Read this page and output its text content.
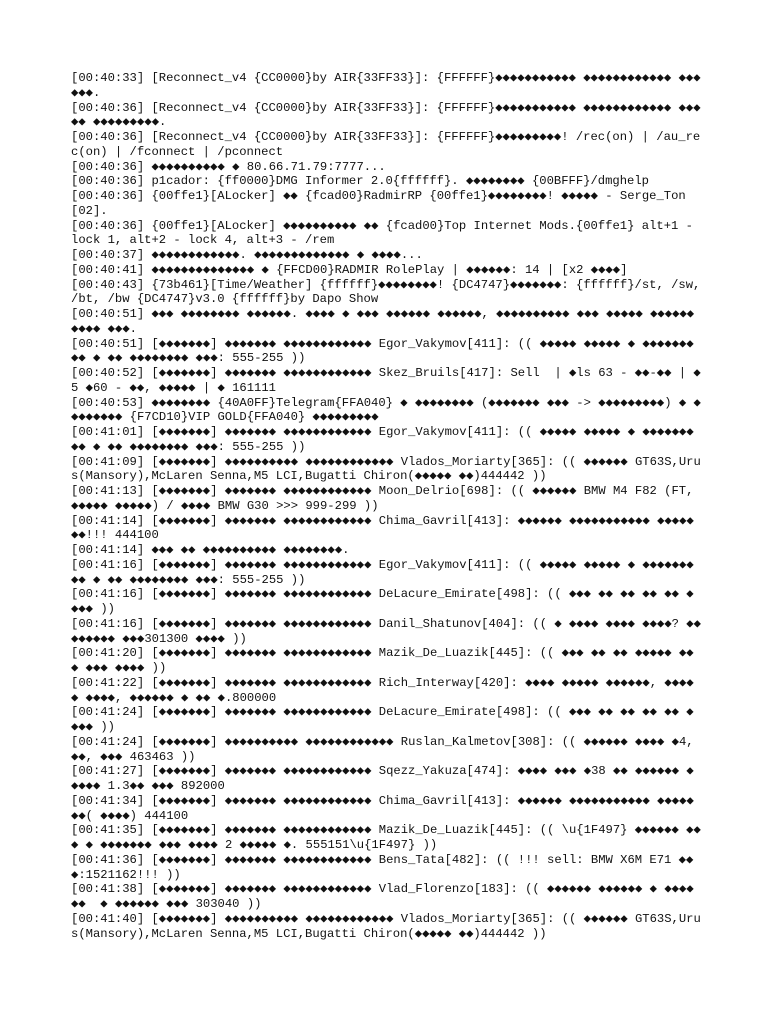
[00:40:33] [Reconnect_v4 {CC0000}by AIR{33FF33}]: {FFFFFF}◆◆◆◆◆◆◆◆◆◆◆ ◆◆◆◆◆◆◆◆◆◆◆◆ ◆◆◆◆◆◆.

[00:40:36] [Reconnect_v4 {CC0000}by AIR{33FF33}]: {FFFFFF}◆◆◆◆◆◆◆◆◆◆◆ ◆◆◆◆◆◆◆◆◆◆◆◆ ◆◆◆◆◆ ◆◆◆◆◆◆◆◆◆.

[00:40:36] [Reconnect_v4 {CC0000}by AIR{33FF33}]: {FFFFFF}◆◆◆◆◆◆◆◆◆! /rec(on) | /au_rec(on) | /fconnect | /pconnect

[00:40:36] ◆◆◆◆◆◆◆◆◆◆ ◆ 80.66.71.79:7777...

[00:40:36] p1cador: {ff0000}DMG Informer 2.0{ffffff}. ◆◆◆◆◆◆◆◆ {00BFFF}/dmghelp

[00:40:36] {00ffe1}[ALocker] ◆◆ {fcad00}RadmirRP {00ffe1}◆◆◆◆◆◆◆◆! ◆◆◆◆◆ - Serge_Ton [02].

[00:40:36] {00ffe1}[ALocker] ◆◆◆◆◆◆◆◆◆◆ ◆◆ {fcad00}Top Internet Mods.{00ffe1} alt+1 - lock 1, alt+2 - lock 4, alt+3 - /rem

[00:40:37] ◆◆◆◆◆◆◆◆◆◆◆◆. ◆◆◆◆◆◆◆◆◆◆◆◆◆ ◆ ◆◆◆◆...

[00:40:41] ◆◆◆◆◆◆◆◆◆◆◆◆◆◆ ◆ {FFCD00}RADMIR RolePlay | ◆◆◆◆◆◆: 14 | [x2 ◆◆◆◆]

[00:40:43] {73b461}[Time/Weather] {ffffff}◆◆◆◆◆◆◆◆! {DC4747}◆◆◆◆◆◆◆: {ffffff}/st, /sw, /bt, /bw {DC4747}v3.0 {ffffff}by Dapo Show

[00:40:51] ◆◆◆ ◆◆◆◆◆◆◆◆ ◆◆◆◆◆◆. ◆◆◆◆ ◆ ◆◆◆ ◆◆◆◆◆◆ ◆◆◆◆◆◆, ◆◆◆◆◆◆◆◆◆◆ ◆◆◆ ◆◆◆◆◆ ◆◆◆◆◆◆◆◆◆◆ ◆◆◆.

[00:40:51] [◆◆◆◆◆◆◆] ◆◆◆◆◆◆◆ ◆◆◆◆◆◆◆◆◆◆◆◆ Egor_Vakymov[411]: (( ◆◆◆◆◆ ◆◆◆◆◆ ◆ ◆◆◆◆◆◆◆◆◆ ◆ ◆◆ ◆◆◆◆◆◆◆◆ ◆◆◆: 555-255 ))

[00:40:52] [◆◆◆◆◆◆◆] ◆◆◆◆◆◆◆ ◆◆◆◆◆◆◆◆◆◆◆◆ Skez_Bruils[417]: Sell  | ◆ls 63 - ◆◆-◆◆ | ◆5 ◆60 - ◆◆, ◆◆◆◆◆ | ◆ 161111

[00:40:53] ◆◆◆◆◆◆◆◆ {40A0FF}Telegram{FFA040} ◆ ◆◆◆◆◆◆◆◆ (◆◆◆◆◆◆◆ ◆◆◆ -> ◆◆◆◆◆◆◆◆◆) ◆ ◆◆◆◆◆◆◆◆ {F7CD10}VIP GOLD{FFA040} ◆◆◆◆◆◆◆◆◆

[00:41:01] [◆◆◆◆◆◆◆] ◆◆◆◆◆◆◆ ◆◆◆◆◆◆◆◆◆◆◆◆ Egor_Vakymov[411]: (( ◆◆◆◆◆ ◆◆◆◆◆ ◆ ◆◆◆◆◆◆◆◆◆ ◆ ◆◆ ◆◆◆◆◆◆◆◆ ◆◆◆: 555-255 ))

[00:41:09] [◆◆◆◆◆◆◆] ◆◆◆◆◆◆◆◆◆◆ ◆◆◆◆◆◆◆◆◆◆◆◆ Vlados_Moriarty[365]: (( ◆◆◆◆◆◆ GT63S,Urus(Mansory),McLaren Senna,M5 LCI,Bugatti Chiron(◆◆◆◆◆ ◆◆)444442 ))

[00:41:13] [◆◆◆◆◆◆◆] ◆◆◆◆◆◆◆ ◆◆◆◆◆◆◆◆◆◆◆◆ Moon_Delrio[698]: (( ◆◆◆◆◆◆ BMW M4 F82 (FT, ◆◆◆◆◆ ◆◆◆◆◆) / ◆◆◆◆ BMW G30 >>> 999-299 ))

[00:41:14] [◆◆◆◆◆◆◆] ◆◆◆◆◆◆◆ ◆◆◆◆◆◆◆◆◆◆◆◆ Chima_Gavril[413]: ◆◆◆◆◆◆ ◆◆◆◆◆◆◆◆◆◆◆ ◆◆◆◆◆◆◆!!! 444100

[00:41:14] ◆◆◆ ◆◆ ◆◆◆◆◆◆◆◆◆◆ ◆◆◆◆◆◆◆◆.

[00:41:16] [◆◆◆◆◆◆◆] ◆◆◆◆◆◆◆ ◆◆◆◆◆◆◆◆◆◆◆◆ Egor_Vakymov[411]: (( ◆◆◆◆◆ ◆◆◆◆◆ ◆ ◆◆◆◆◆◆◆◆◆ ◆ ◆◆ ◆◆◆◆◆◆◆◆ ◆◆◆: 555-255 ))

[00:41:16] [◆◆◆◆◆◆◆] ◆◆◆◆◆◆◆ ◆◆◆◆◆◆◆◆◆◆◆◆ DeLacure_Emirate[498]: (( ◆◆◆ ◆◆ ◆◆ ◆◆ ◆◆ ◆ ◆◆◆ ))

[00:41:16] [◆◆◆◆◆◆◆] ◆◆◆◆◆◆◆ ◆◆◆◆◆◆◆◆◆◆◆◆ Danil_Shatunov[404]: (( ◆ ◆◆◆◆ ◆◆◆◆ ◆◆◆◆? ◆◆◆◆◆◆◆◆ ◆◆◆301300 ◆◆◆◆ ))

[00:41:20] [◆◆◆◆◆◆◆] ◆◆◆◆◆◆◆ ◆◆◆◆◆◆◆◆◆◆◆◆ Mazik_De_Luazik[445]: (( ◆◆◆ ◆◆ ◆◆ ◆◆◆◆◆ ◆◆ ◆ ◆◆◆ ◆◆◆◆ ))

[00:41:22] [◆◆◆◆◆◆◆] ◆◆◆◆◆◆◆ ◆◆◆◆◆◆◆◆◆◆◆◆ Rich_Interway[420]: ◆◆◆◆ ◆◆◆◆◆ ◆◆◆◆◆◆, ◆◆◆◆◆ ◆◆◆◆, ◆◆◆◆◆◆ ◆ ◆◆ ◆.800000

[00:41:24] [◆◆◆◆◆◆◆] ◆◆◆◆◆◆◆ ◆◆◆◆◆◆◆◆◆◆◆◆ DeLacure_Emirate[498]: (( ◆◆◆ ◆◆ ◆◆ ◆◆ ◆◆ ◆ ◆◆◆ ))

[00:41:24] [◆◆◆◆◆◆◆] ◆◆◆◆◆◆◆◆◆◆ ◆◆◆◆◆◆◆◆◆◆◆◆ Ruslan_Kalmetov[308]: (( ◆◆◆◆◆◆ ◆◆◆◆ ◆4, ◆◆, ◆◆◆ 463463 ))

[00:41:27] [◆◆◆◆◆◆◆] ◆◆◆◆◆◆◆ ◆◆◆◆◆◆◆◆◆◆◆◆ Sqezz_Yakuza[474]: ◆◆◆◆ ◆◆◆ ◆38 ◆◆ ◆◆◆◆◆◆ ◆◆◆◆◆ 1.3◆◆ ◆◆◆ 892000

[00:41:34] [◆◆◆◆◆◆◆] ◆◆◆◆◆◆◆ ◆◆◆◆◆◆◆◆◆◆◆◆ Chima_Gavril[413]: ◆◆◆◆◆◆ ◆◆◆◆◆◆◆◆◆◆◆ ◆◆◆◆◆◆◆( ◆◆◆◆) 444100

[00:41:35] [◆◆◆◆◆◆◆] ◆◆◆◆◆◆◆ ◆◆◆◆◆◆◆◆◆◆◆◆ Mazik_De_Luazik[445]: (( \u{1F497} ◆◆◆◆◆◆ ◆◆◆ ◆ ◆◆◆◆◆◆◆ ◆◆◆ ◆◆◆◆ 2 ◆◆◆◆◆ ◆. 555151\u{1F497} ))

[00:41:36] [◆◆◆◆◆◆◆] ◆◆◆◆◆◆◆ ◆◆◆◆◆◆◆◆◆◆◆◆ Bens_Tata[482]: (( !!! sell: BMW X6M E71 ◆◆◆:1521162!!! ))

[00:41:38] [◆◆◆◆◆◆◆] ◆◆◆◆◆◆◆ ◆◆◆◆◆◆◆◆◆◆◆◆ Vlad_Florenzo[183]: (( ◆◆◆◆◆◆ ◆◆◆◆◆◆ ◆ ◆◆◆◆◆◆  ◆ ◆◆◆◆◆◆ ◆◆◆ 303040 ))

[00:41:40] [◆◆◆◆◆◆◆] ◆◆◆◆◆◆◆◆◆◆ ◆◆◆◆◆◆◆◆◆◆◆◆ Vlados_Moriarty[365]: (( ◆◆◆◆◆◆ GT63S,Urus(Mansory),McLaren Senna,M5 LCI,Bugatti Chiron(◆◆◆◆◆ ◆◆)444442 ))
